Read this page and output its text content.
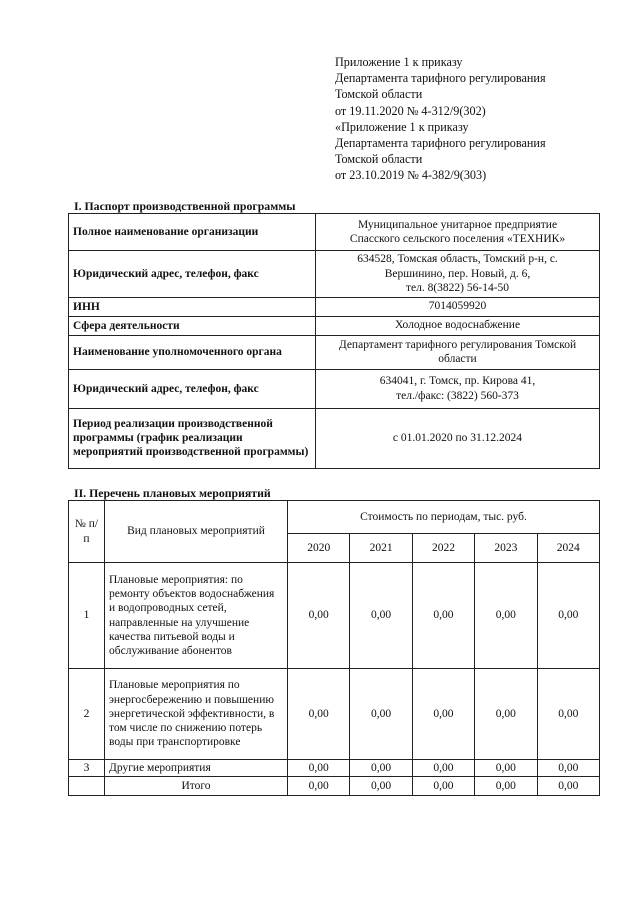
Приложение 1 к приказу
Департамента тарифного регулирования
Томской области
от 19.11.2020 № 4-312/9(302)
«Приложение 1 к приказу
Департамента тарифного регулирования
Томской области
от 23.10.2019 № 4-382/9(303)
I. Паспорт производственной программы
Полное наименование организации	Муниципальное унитарное предприятие
Спасского сельского поселения «ТЕХНИК»

Юридический адрес, телефон, факс	634528, Томская область, Томский р-н, с.
Вершинино, пер. Новый, д. 6,
тел. 8(3822) 56-14-50

ИНН	7014059920

Сфера деятельности	Холодное водоснабжение

Наименование уполномоченного органа	Департамент тарифного регулирования Томской
области

Юридический адрес, телефон, факс	634041, г. Томск, пр. Кирова 41,
тел./факс: (3822) 560-373

Период реализации производственной программы (график реализации мероприятий производственной программы)	с 01.01.2020 по 31.12.2024
II. Перечень плановых мероприятий
№ п/п	Вид плановых мероприятий	Стоимость по периодам, тыс. руб.				
		2020	2021	2022	2023	2024
1	Плановые мероприятия: по ремонту объектов водоснабжения и водопроводных сетей, направленные на улучшение качества питьевой воды и обслуживание абонентов	0,00	0,00	0,00	0,00	0,00
2	Плановые мероприятия по энергосбережению и повышению энергетической эффективности, в том числе по снижению потерь воды при транспортировке	0,00	0,00	0,00	0,00	0,00
3	Другие мероприятия	0,00	0,00	0,00	0,00	0,00
	Итого	0,00	0,00	0,00	0,00	0,00
